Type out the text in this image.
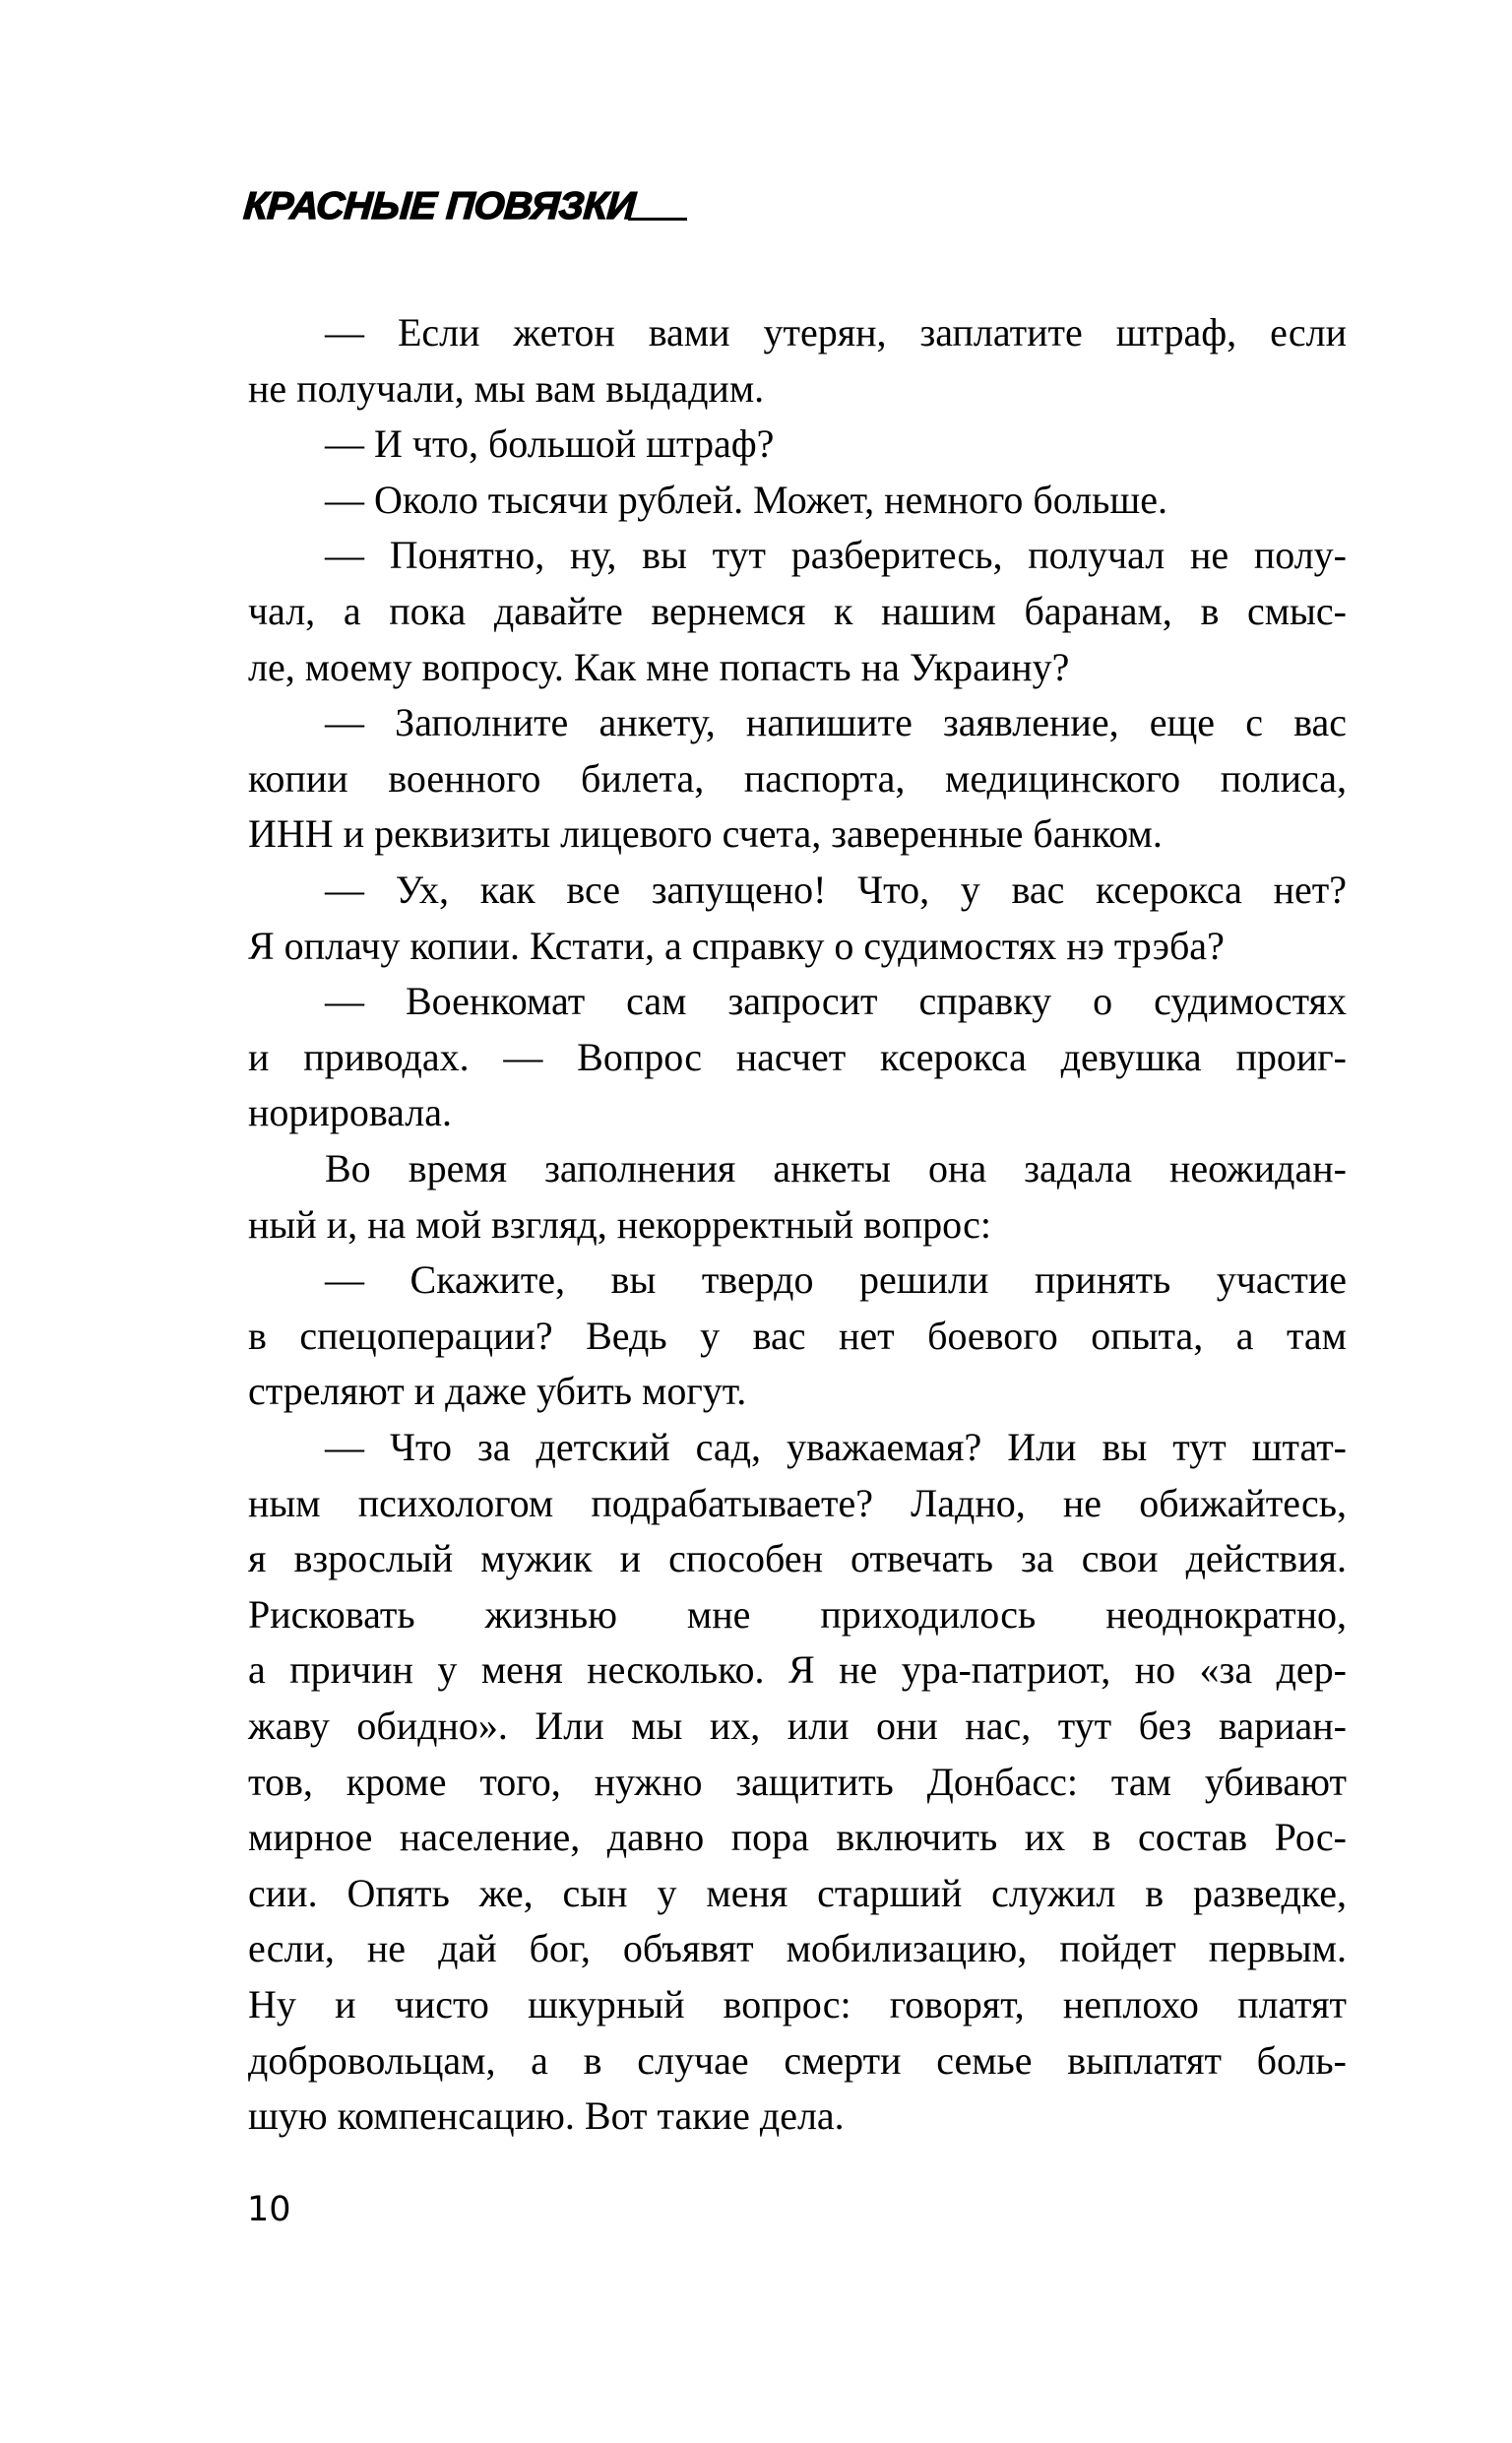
КРАСНЫЕ ПОВЯЗКИ
— Если жетон вами утерян, заплатите штраф, если
не получали, мы вам выдадим.
— И что, большой штраф?
— Около тысячи рублей. Может, немного больше.
— Понятно, ну, вы тут разберитесь, получал не полу-
чал, а пока давайте вернемся к нашим баранам, в смыс-
ле, моему вопросу. Как мне попасть на Украину?
— Заполните анкету, напишите заявление, еще с вас
копии военного билета, паспорта, медицинского полиса,
ИНН и реквизиты лицевого счета, заверенные банком.
— Ух, как все запущено! Что, у вас ксерокса нет?
Я оплачу копии. Кстати, а справку о судимостях нэ трэба?
— Военкомат сам запросит справку о судимостях
и приводах. — Вопрос насчет ксерокса девушка проиг-
норировала.
Во время заполнения анкеты она задала неожидан-
ный и, на мой взгляд, некорректный вопрос:
— Скажите, вы твердо решили принять участие
в спецоперации? Ведь у вас нет боевого опыта, а там
стреляют и даже убить могут.
— Что за детский сад, уважаемая? Или вы тут штат-
ным психологом подрабатываете? Ладно, не обижайтесь,
я взрослый мужик и способен отвечать за свои действия.
Рисковать жизнью мне приходилось неоднократно,
а причин у меня несколько. Я не ура-патриот, но «за дер-
жаву обидно». Или мы их, или они нас, тут без вариан-
тов, кроме того, нужно защитить Донбасс: там убивают
мирное население, давно пора включить их в состав Рос-
сии. Опять же, сын у меня старший служил в разведке,
если, не дай бог, объявят мобилизацию, пойдет первым.
Ну и чисто шкурный вопрос: говорят, неплохо платят
добровольцам, а в случае смерти семье выплатят боль-
шую компенсацию. Вот такие дела.
10
